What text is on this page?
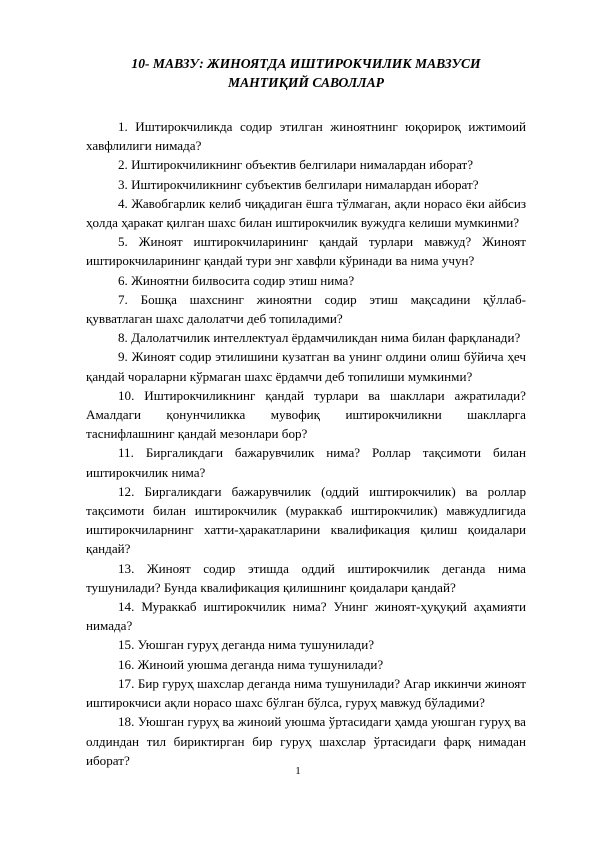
10- МАВЗУ: ЖИНОЯТДА ИШТИРОКЧИЛИК МАВЗУСИ
МАНТИҚИЙ САВОЛЛАР

1. Иштирокчиликда содир этилган жиноятнинг юқорироқ ижтимоий хавфлилиги нимада?

2. Иштирокчиликнинг объектив белгилари нималардан иборат?

3. Иштирокчиликнинг субъектив белгилари нималардан иборат?

4. Жавобгарлик келиб чиқадиган ёшга тўлмаган, ақли норасо ёки айбсиз ҳолда ҳаракат қилган шахс билан иштирокчилик вужудга келиши мумкинми?

5. Жиноят иштирокчиларининг қандай турлари мавжуд? Жиноят иштирокчиларининг қандай тури энг хавфли кўринади ва нима учун?

6. Жиноятни билвосита содир этиш нима?

7. Бошқа шахснинг жиноятни содир этиш мақсадини қўллаб-қувватлаган шахс далолатчи деб топиладими?

8. Далолатчилик интеллектуал ёрдамчиликдан нима билан фарқланади?

9. Жиноят содир этилишини кузатган ва унинг олдини олиш бўйича ҳеч қандай чораларни кўрмаган шахс ёрдамчи деб топилиши мумкинми?

10. Иштирокчиликнинг қандай турлари ва шакллари ажратилади? Амалдаги қонунчиликка мувофиқ иштирокчиликни шаклларга таснифлашнинг қандай мезонлари бор?

11. Биргаликдаги бажарувчилик нима? Роллар тақсимоти билан иштирокчилик нима?

12. Биргаликдаги бажарувчилик (оддий иштирокчилик) ва роллар тақсимоти билан иштирокчилик (мураккаб иштирокчилик) мавжудлигида иштирокчиларнинг хатти-ҳаракатларини квалификация қилиш қоидалари қандай?

13. Жиноят содир этишда оддий иштирокчилик деганда нима тушунилади? Бунда квалификация қилишнинг қоидалари қандай?

14. Мураккаб иштирокчилик нима? Унинг жиноят-ҳуқуқий аҳамияти нимада?

15. Уюшган гуруҳ деганда нима тушунилади?

16. Жиноий уюшма деганда нима тушунилади?

17. Бир гуруҳ шахслар деганда нима тушунилади? Агар иккинчи жиноят иштирокчиси ақли норасо шахс бўлган бўлса, гуруҳ мавжуд бўладими?

18. Уюшган гуруҳ ва жиноий уюшма ўртасидаги ҳамда уюшган гуруҳ ва олдиндан тил бириктирган бир гуруҳ шахслар ўртасидаги фарқ нимадан иборат?

1
